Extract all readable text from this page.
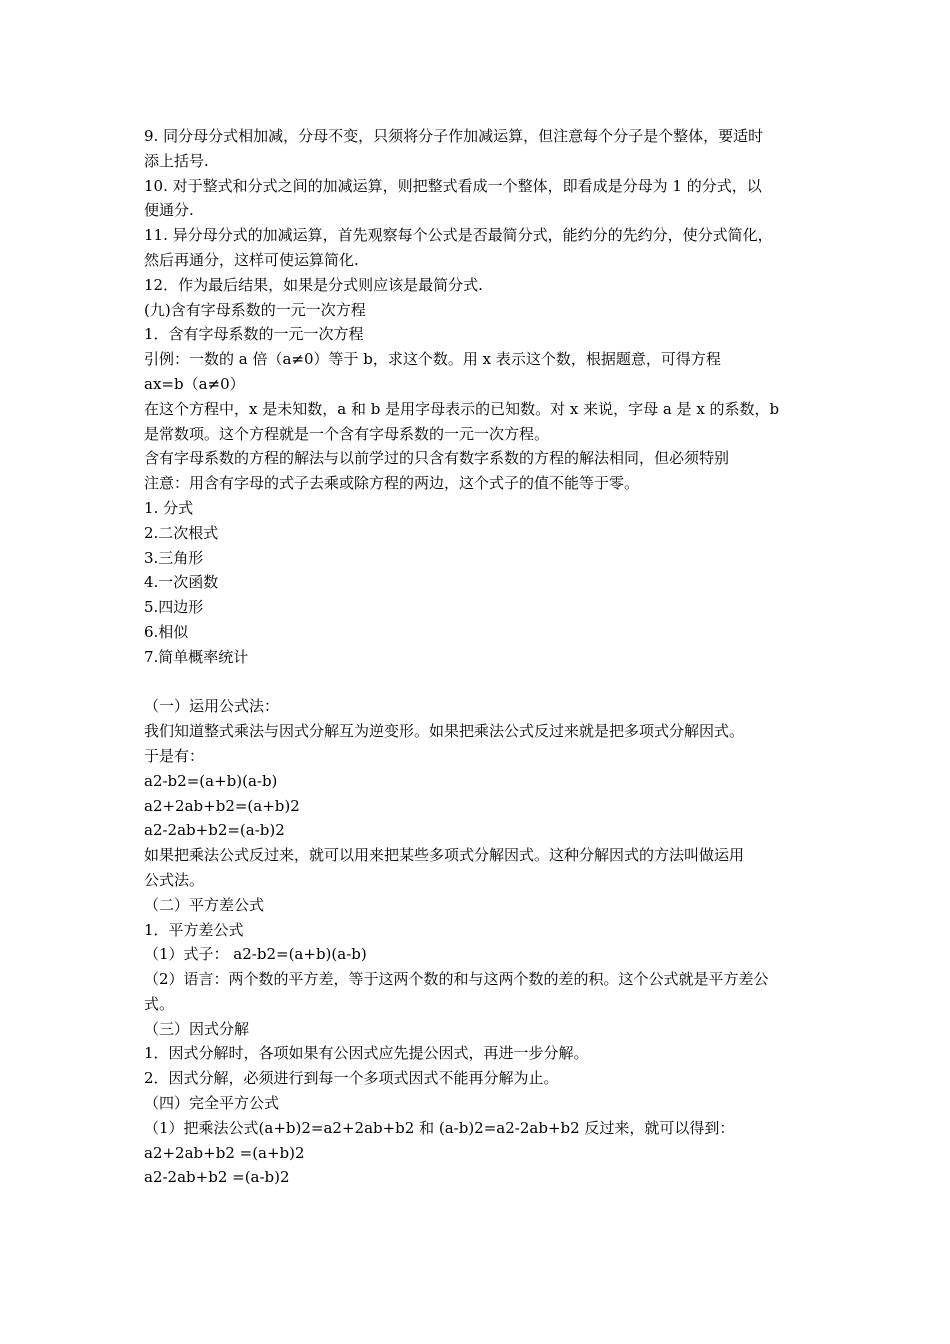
9. 同分母分式相加减，分母不变，只须将分子作加减运算，但注意每个分子是个整体，要适时
添上括号.
10. 对于整式和分式之间的加减运算，则把整式看成一个整体，即看成是分母为 1 的分式，以
便通分.
11. 异分母分式的加减运算，首先观察每个公式是否最简分式，能约分的先约分，使分式简化，
然后再通分，这样可使运算简化.
12．作为最后结果，如果是分式则应该是最简分式.
(九)含有字母系数的一元一次方程
1．含有字母系数的一元一次方程
引例：一数的 a 倍（a≠0）等于 b，求这个数。用 x 表示这个数，根据题意，可得方程
ax=b（a≠0）
在这个方程中，x 是未知数，a 和 b 是用字母表示的已知数。对 x 来说，字母 a 是 x 的系数，b
是常数项。这个方程就是一个含有字母系数的一元一次方程。
含有字母系数的方程的解法与以前学过的只含有数字系数的方程的解法相同，但必须特别
注意：用含有字母的式子去乘或除方程的两边，这个式子的值不能等于零。
1. 分式
2.二次根式
3.三角形
4.一次函数
5.四边形
6.相似
7.简单概率统计
（一）运用公式法：
我们知道整式乘法与因式分解互为逆变形。如果把乘法公式反过来就是把多项式分解因式。
于是有：
a2-b2=(a+b)(a-b)
a2+2ab+b2=(a+b)2
a2-2ab+b2=(a-b)2
如果把乘法公式反过来，就可以用来把某些多项式分解因式。这种分解因式的方法叫做运用
公式法。
（二）平方差公式
1．平方差公式
（1）式子： a2-b2=(a+b)(a-b)
（2）语言：两个数的平方差，等于这两个数的和与这两个数的差的积。这个公式就是平方差公
式。
（三）因式分解
1．因式分解时，各项如果有公因式应先提公因式，再进一步分解。
2．因式分解，必须进行到每一个多项式因式不能再分解为止。
（四）完全平方公式
（1）把乘法公式(a+b)2=a2+2ab+b2 和 (a-b)2=a2-2ab+b2 反过来，就可以得到：
a2+2ab+b2 =(a+b)2
a2-2ab+b2 =(a-b)2
